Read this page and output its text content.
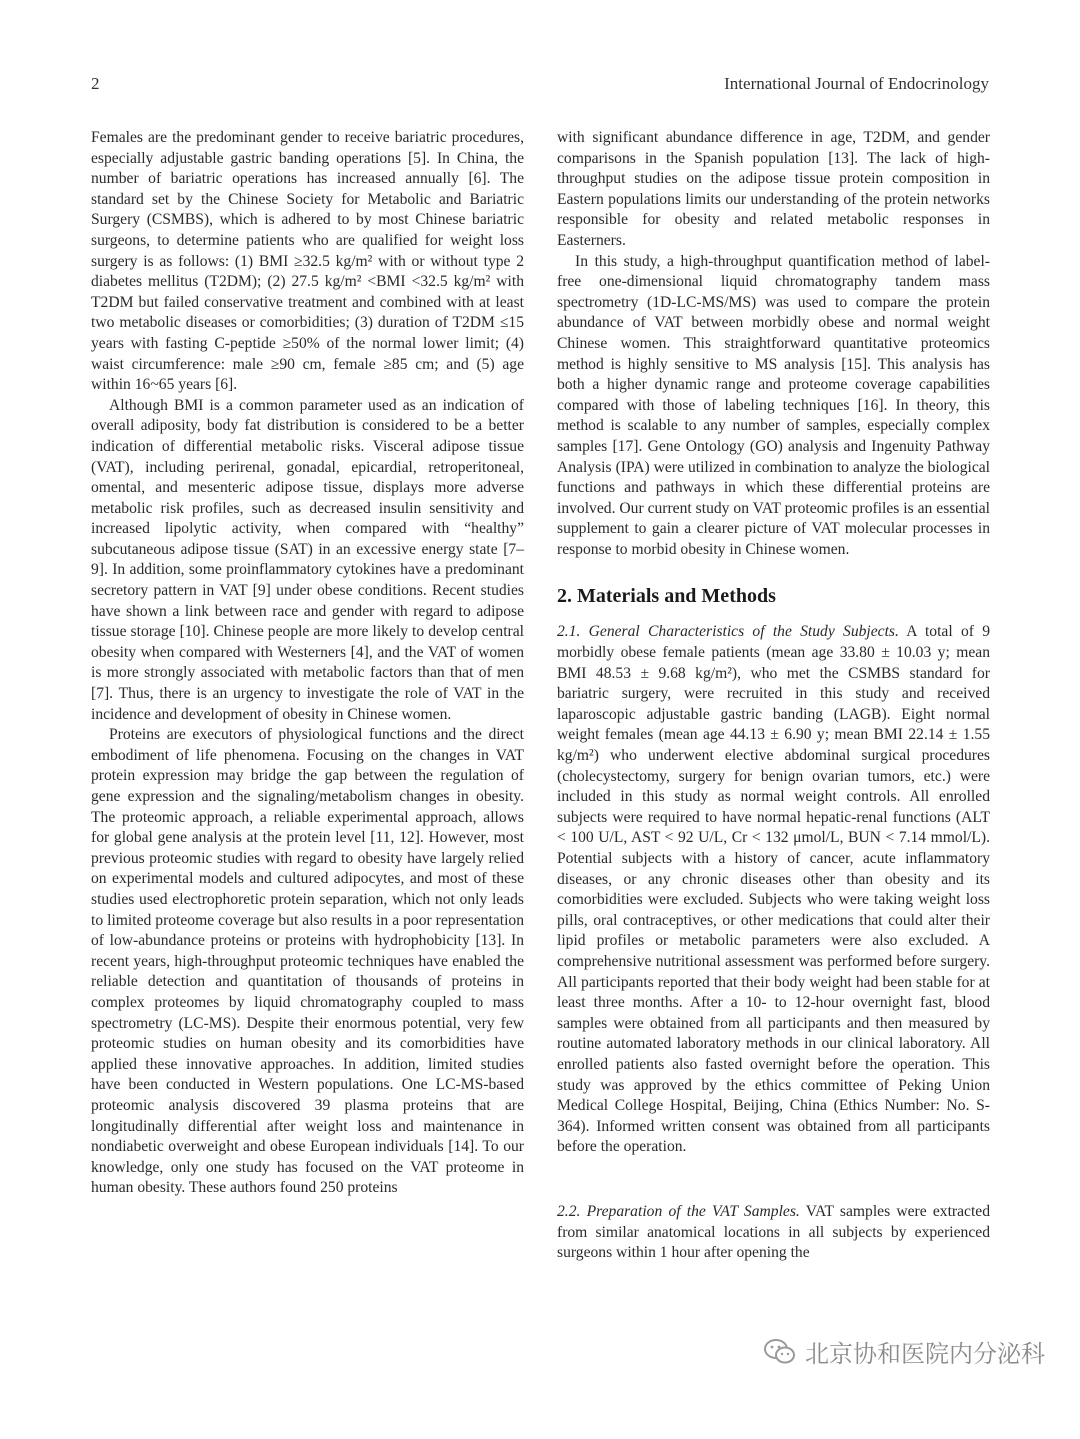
2	International Journal of Endocrinology

Females are the predominant gender to receive bariatric procedures, especially adjustable gastric banding operations [5]. In China, the number of bariatric operations has increased annually [6]. The standard set by the Chinese Society for Metabolic and Bariatric Surgery (CSMBS), which is adhered to by most Chinese bariatric surgeons, to determine patients who are qualified for weight loss surgery is as follows: (1) BMI ≥32.5 kg/m² with or without type 2 diabetes mellitus (T2DM); (2) 27.5 kg/m² <BMI <32.5 kg/m² with T2DM but failed conservative treatment and combined with at least two metabolic diseases or comorbidities; (3) duration of T2DM ≤15 years with fasting C-peptide ≥50% of the normal lower limit; (4) waist circumference: male ≥90 cm, female ≥85 cm; and (5) age within 16~65 years [6].

Although BMI is a common parameter used as an indication of overall adiposity, body fat distribution is considered to be a better indication of differential metabolic risks. Visceral adipose tissue (VAT), including perirenal, gonadal, epicardial, retroperitoneal, omental, and mesenteric adipose tissue, displays more adverse metabolic risk profiles, such as decreased insulin sensitivity and increased lipolytic activity, when compared with “healthy” subcutaneous adipose tissue (SAT) in an excessive energy state [7–9]. In addition, some proinflammatory cytokines have a predominant secretory pattern in VAT [9] under obese conditions. Recent studies have shown a link between race and gender with regard to adipose tissue storage [10]. Chinese people are more likely to develop central obesity when compared with Westerners [4], and the VAT of women is more strongly associated with metabolic factors than that of men [7]. Thus, there is an urgency to investigate the role of VAT in the incidence and development of obesity in Chinese women.

Proteins are executors of physiological functions and the direct embodiment of life phenomena. Focusing on the changes in VAT protein expression may bridge the gap between the regulation of gene expression and the signaling/metabolism changes in obesity. The proteomic approach, a reliable experimental approach, allows for global gene analysis at the protein level [11, 12]. However, most previous proteomic studies with regard to obesity have largely relied on experimental models and cultured adipocytes, and most of these studies used electrophoretic protein separation, which not only leads to limited proteome coverage but also results in a poor representation of low-abundance proteins or proteins with hydrophobicity [13]. In recent years, high-throughput proteomic techniques have enabled the reliable detection and quantitation of thousands of proteins in complex proteomes by liquid chromatography coupled to mass spectrometry (LC-MS). Despite their enormous potential, very few proteomic studies on human obesity and its comorbidities have applied these innovative approaches. In addition, limited studies have been conducted in Western populations. One LC-MS-based proteomic analysis discovered 39 plasma proteins that are longitudinally differential after weight loss and maintenance in nondiabetic overweight and obese European individuals [14]. To our knowledge, only one study has focused on the VAT proteome in human obesity. These authors found 250 proteins

with significant abundance difference in age, T2DM, and gender comparisons in the Spanish population [13]. The lack of high-throughput studies on the adipose tissue protein composition in Eastern populations limits our understanding of the protein networks responsible for obesity and related metabolic responses in Easterners.

In this study, a high-throughput quantification method of label-free one-dimensional liquid chromatography tandem mass spectrometry (1D-LC-MS/MS) was used to compare the protein abundance of VAT between morbidly obese and normal weight Chinese women. This straightforward quantitative proteomics method is highly sensitive to MS analysis [15]. This analysis has both a higher dynamic range and proteome coverage capabilities compared with those of labeling techniques [16]. In theory, this method is scalable to any number of samples, especially complex samples [17]. Gene Ontology (GO) analysis and Ingenuity Pathway Analysis (IPA) were utilized in combination to analyze the biological functions and pathways in which these differential proteins are involved. Our current study on VAT proteomic profiles is an essential supplement to gain a clearer picture of VAT molecular processes in response to morbid obesity in Chinese women.

2. Materials and Methods

2.1. General Characteristics of the Study Subjects. A total of 9 morbidly obese female patients (mean age 33.80 ± 10.03 y; mean BMI 48.53 ± 9.68 kg/m²), who met the CSMBS standard for bariatric surgery, were recruited in this study and received laparoscopic adjustable gastric banding (LAGB). Eight normal weight females (mean age 44.13 ± 6.90 y; mean BMI 22.14 ± 1.55 kg/m²) who underwent elective abdominal surgical procedures (cholecystectomy, surgery for benign ovarian tumors, etc.) were included in this study as normal weight controls. All enrolled subjects were required to have normal hepatic-renal functions (ALT < 100 U/L, AST < 92 U/L, Cr < 132 μmol/L, BUN < 7.14 mmol/L). Potential subjects with a history of cancer, acute inflammatory diseases, or any chronic diseases other than obesity and its comorbidities were excluded. Subjects who were taking weight loss pills, oral contraceptives, or other medications that could alter their lipid profiles or metabolic parameters were also excluded. A comprehensive nutritional assessment was performed before surgery. All participants reported that their body weight had been stable for at least three months. After a 10- to 12-hour overnight fast, blood samples were obtained from all participants and then measured by routine automated laboratory methods in our clinical laboratory. All enrolled patients also fasted overnight before the operation. This study was approved by the ethics committee of Peking Union Medical College Hospital, Beijing, China (Ethics Number: No. S-364). Informed written consent was obtained from all participants before the operation.

2.2. Preparation of the VAT Samples. VAT samples were extracted from similar anatomical locations in all subjects by experienced surgeons within 1 hour after opening the

北京协和医院内分泌科
